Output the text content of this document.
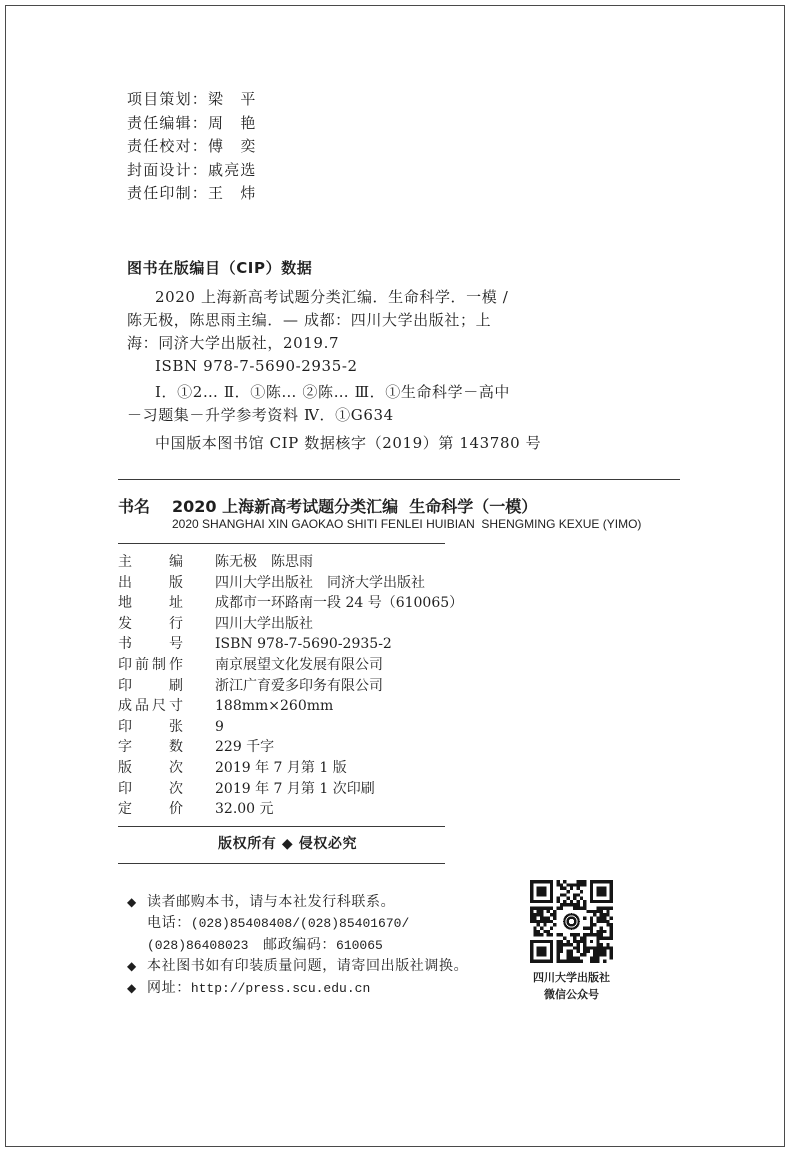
项目策划：梁　平
责任编辑：周　艳
责任校对：傅　奕
封面设计：戚亮选
责任印制：王　炜
图书在版编目（CIP）数据
2020 上海新高考试题分类汇编．生命科学．一模 /
陈无极，陈思雨主编．— 成都：四川大学出版社；上
海：同济大学出版社，2019.7
ISBN 978-7-5690-2935-2
Ⅰ．①2… Ⅱ．①陈… ②陈… Ⅲ．①生命科学－高中
－习题集－升学参考资料 Ⅳ．①G634
中国版本图书馆 CIP 数据核字（2019）第 143780 号
书名 2020 上海新高考试题分类汇编  生命科学（一模）
2020 SHANGHAI XIN GAOKAO SHITI FENLEI HUIBIAN  SHENGMING KEXUE (YIMO)
主　　编 陈无极　陈思雨
出　　版 四川大学出版社　同济大学出版社
地　　址 成都市一环路南一段 24 号（610065）
发　　行 四川大学出版社
书　　号 ISBN 978-7-5690-2935-2
印前制作 南京展望文化发展有限公司
印　　刷 浙江广育爱多印务有限公司
成品尺寸 188mm×260mm
印　　张 9
字　　数 229 千字
版　　次 2019 年 7 月第 1 版
印　　次 2019 年 7 月第 1 次印刷
定　　价 32.00 元
版权所有 ◆ 侵权必究
◆ 读者邮购本书，请与本社发行科联系。
电话：(028)85408408/(028)85401670/
(028)86408023　邮政编码：610065
◆ 本社图书如有印装质量问题，请寄回出版社调换。
◆ 网址：http://press.scu.edu.cn
四川大学出版社
微信公众号
